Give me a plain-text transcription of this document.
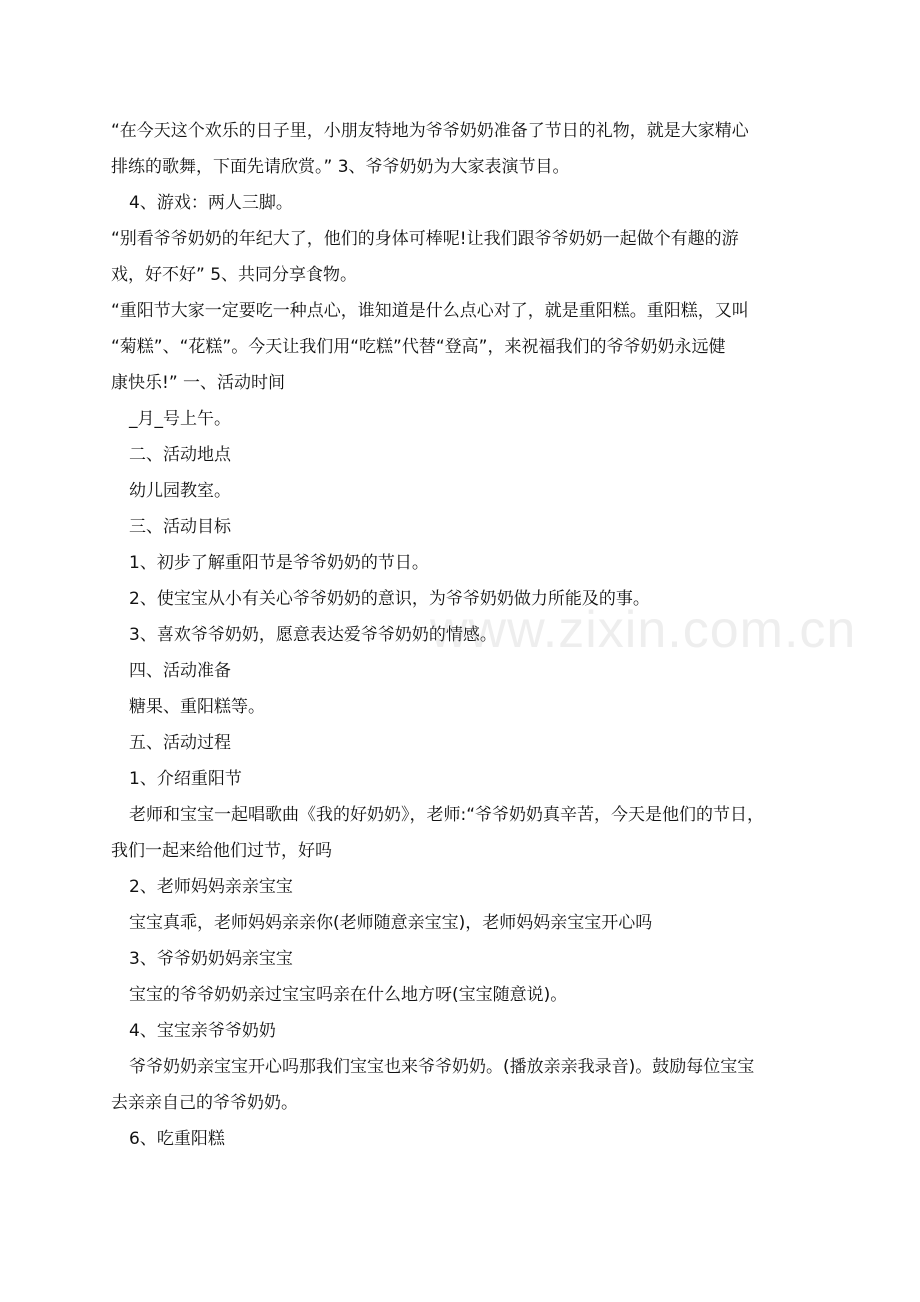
“在今天这个欢乐的日子里，小朋友特地为爷爷奶奶准备了节日的礼物，就是大家精心

排练的歌舞，下面先请欣赏。” 3、爷爷奶奶为大家表演节目。

4、游戏：两人三脚。

“别看爷爷奶奶的年纪大了，他们的身体可棒呢!让我们跟爷爷奶奶一起做个有趣的游

戏，好不好” 5、共同分享食物。

“重阳节大家一定要吃一种点心，谁知道是什么点心对了，就是重阳糕。重阳糕，又叫

“菊糕”、“花糕”。今天让我们用“吃糕”代替“登高”，来祝福我们的爷爷奶奶永远健

康快乐!” 一、活动时间

_月_号上午。

二、活动地点

幼儿园教室。

三、活动目标

1、初步了解重阳节是爷爷奶奶的节日。

2、使宝宝从小有关心爷爷奶奶的意识，为爷爷奶奶做力所能及的事。

3、喜欢爷爷奶奶，愿意表达爱爷爷奶奶的情感。

四、活动准备

糖果、重阳糕等。

五、活动过程

1、介绍重阳节

老师和宝宝一起唱歌曲《我的好奶奶》，老师:“爷爷奶奶真辛苦，今天是他们的节日，

我们一起来给他们过节，好吗

2、老师妈妈亲亲宝宝

宝宝真乖，老师妈妈亲亲你(老师随意亲宝宝)，老师妈妈亲宝宝开心吗

3、爷爷奶奶妈亲宝宝

宝宝的爷爷奶奶亲过宝宝吗亲在什么地方呀(宝宝随意说)。

4、宝宝亲爷爷奶奶

爷爷奶奶亲宝宝开心吗那我们宝宝也来爷爷奶奶。(播放亲亲我录音)。鼓励每位宝宝

去亲亲自己的爷爷奶奶。

6、吃重阳糕

www.zixin.com.cn
